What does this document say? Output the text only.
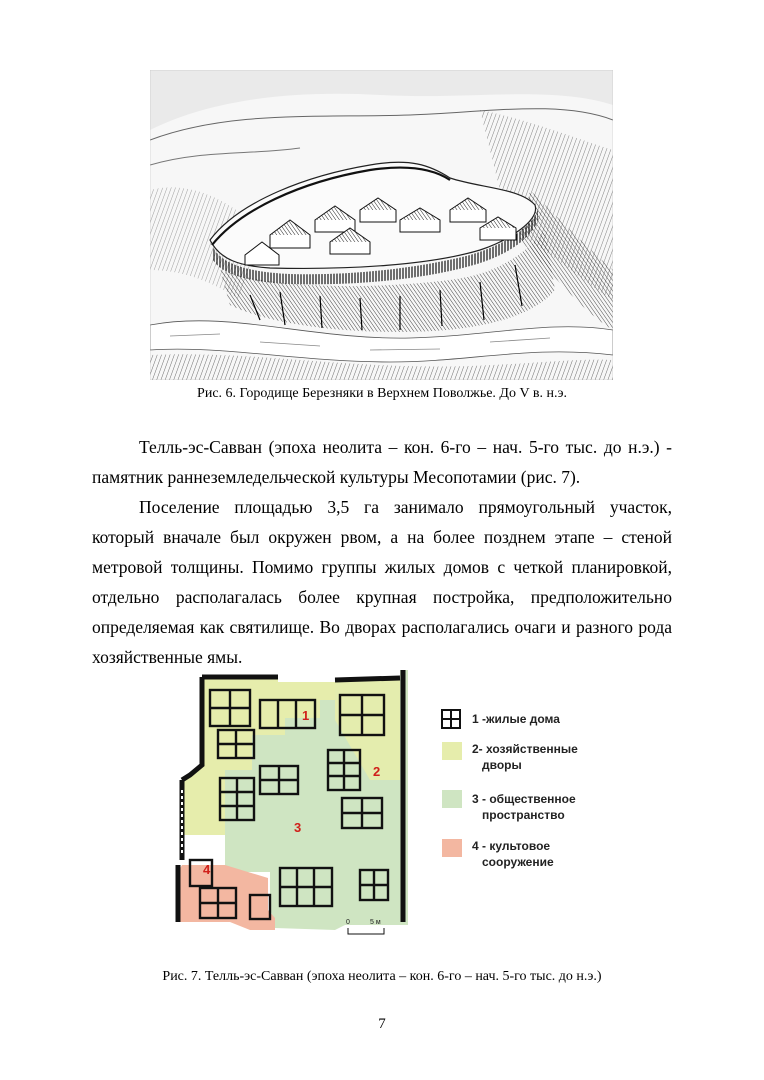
Рис. 6. Городище Березняки в Верхнем Поволжье. До V в. н.э.

Телль-эс-Савван (эпоха неолита – кон. 6-го – нач. 5-го тыс. до н.э.) - памятник раннеземледельческой культуры Месопотамии (рис. 7).

Поселение площадью 3,5 га занимало прямоугольный участок, который вначале был окружен рвом, а на более позднем этапе – стеной метровой толщины. Помимо группы жилых домов с четкой планировкой, отдельно располагалась более крупная постройка, предположительно определяемая как святилище. Во дворах располагались очаги и разного рода хозяйственные ямы.

1
2
3
4
0	5 м
1 -жилые дома
2- хозяйственные
дворы
3 - общественное
пространство
4 - культовое
сооружение

Рис. 7. Телль-эс-Савван (эпоха неолита – кон. 6-го – нач. 5-го тыс. до н.э.)

7
